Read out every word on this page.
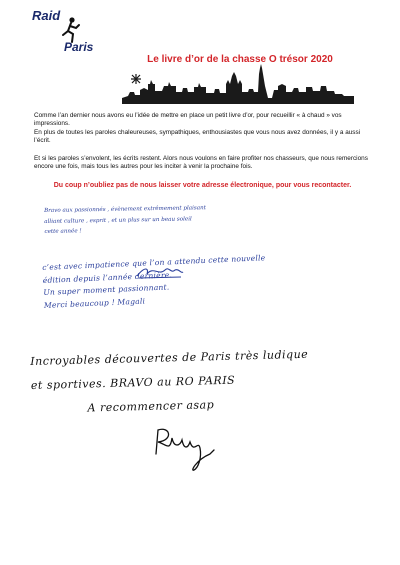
Raid
Paris
Le livre d’or de la chasse O trésor 2020
Comme l’an dernier nous avons eu l’idée de mettre en place un petit livre d’or, pour recueillir « à chaud » vos impressions.
En plus de toutes les paroles chaleureuses, sympathiques, enthousiastes que vous nous avez données, il y a aussi l’écrit.
Et si les paroles s’envolent, les écrits restent. Alors nous voulons en faire profiter nos chasseurs, que nous remercions encore une fois, mais tous les autres pour les inciter à venir la prochaine fois.
Du coup n’oubliez pas de nous laisser votre adresse électronique, pour vous recontacter.
Bravo aux passionnés , évènement extrêmement plaisant
alliant culture , esprit , et un plus sur un beau soleil
cette année !
c’est avec impatience que l’on a attendu cette nouvelle
édition depuis l’année dernière.
Un super moment passionnant.
Merci beaucoup ! Magali
Incroyables découvertes de Paris très ludique
et sportives. BRAVO au RO PARIS
A recommencer asap
